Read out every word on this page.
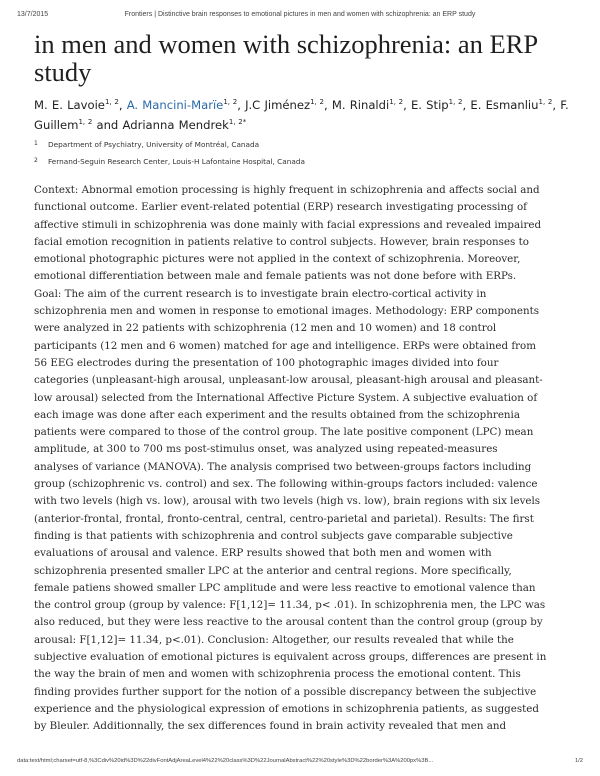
13/7/2015	Frontiers | Distinctive brain responses to emotional pictures in men and women with schizophrenia: an ERP study
in men and women with schizophrenia: an ERP
study
M. E. Lavoie$^{1, 2}$, A. Mancini-Marïe$^{1, 2}$, J.C Jiménez$^{1, 2}$, M. Rinaldi$^{1, 2}$, E. Stip$^{1, 2}$, E. Esmanliu$^{1, 2}$, F. Guillem$^{1, 2}$ and Adrianna Mendrek$^{1, 2*}$
1 Department of Psychiatry, University of Montréal, Canada
2 Fernand-Seguin Research Center, Louis-H Lafontaine Hospital, Canada
Context: Abnormal emotion processing is highly frequent in schizophrenia and affects social and
functional outcome. Earlier event-related potential (ERP) research investigating processing of
affective stimuli in schizophrenia was done mainly with facial expressions and revealed impaired
facial emotion recognition in patients relative to control subjects. However, brain responses to
emotional photographic pictures were not applied in the context of schizophrenia. Moreover,
emotional differentiation between male and female patients was not done before with ERPs.
Goal: The aim of the current research is to investigate brain electro-cortical activity in
schizophrenia men and women in response to emotional images. Methodology: ERP components
were analyzed in 22 patients with schizophrenia (12 men and 10 women) and 18 control
participants (12 men and 6 women) matched for age and intelligence. ERPs were obtained from
56 EEG electrodes during the presentation of 100 photographic images divided into four
categories (unpleasant-high arousal, unpleasant-low arousal, pleasant-high arousal and pleasant-
low arousal) selected from the International Affective Picture System. A subjective evaluation of
each image was done after each experiment and the results obtained from the schizophrenia
patients were compared to those of the control group. The late positive component (LPC) mean
amplitude, at 300 to 700 ms post-stimulus onset, was analyzed using repeated-measures
analyses of variance (MANOVA). The analysis comprised two between-groups factors including
group (schizophrenic vs. control) and sex. The following within-groups factors included: valence
with two levels (high vs. low), arousal with two levels (high vs. low), brain regions with six levels
(anterior-frontal, frontal, fronto-central, central, centro-parietal and parietal). Results: The first
finding is that patients with schizophrenia and control subjects gave comparable subjective
evaluations of arousal and valence. ERP results showed that both men and women with
schizophrenia presented smaller LPC at the anterior and central regions. More specifically,
female patiens showed smaller LPC amplitude and were less reactive to emotional valence than
the control group (group by valence: F[1,12]= 11.34, p< .01). In schizophrenia men, the LPC was
also reduced, but they were less reactive to the arousal content than the control group (group by
arousal: F[1,12]= 11.34, p<.01). Conclusion: Altogether, our results revealed that while the
subjective evaluation of emotional pictures is equivalent across groups, differences are present in
the way the brain of men and women with schizophrenia process the emotional content. This
finding provides further support for the notion of a possible discrepancy between the subjective
experience and the physiological expression of emotions in schizophrenia patients, as suggested
by Bleuler. Additionnally, the sex differences found in brain activity revealed that men and
data:text/html;charset=utf-8,%3Cdiv%20id%3D%22divFontAdjAreaLevel4%22%20class%3D%22JournalAbstract%22%20style%3D%22border%3A%200px%3B...	1/2
